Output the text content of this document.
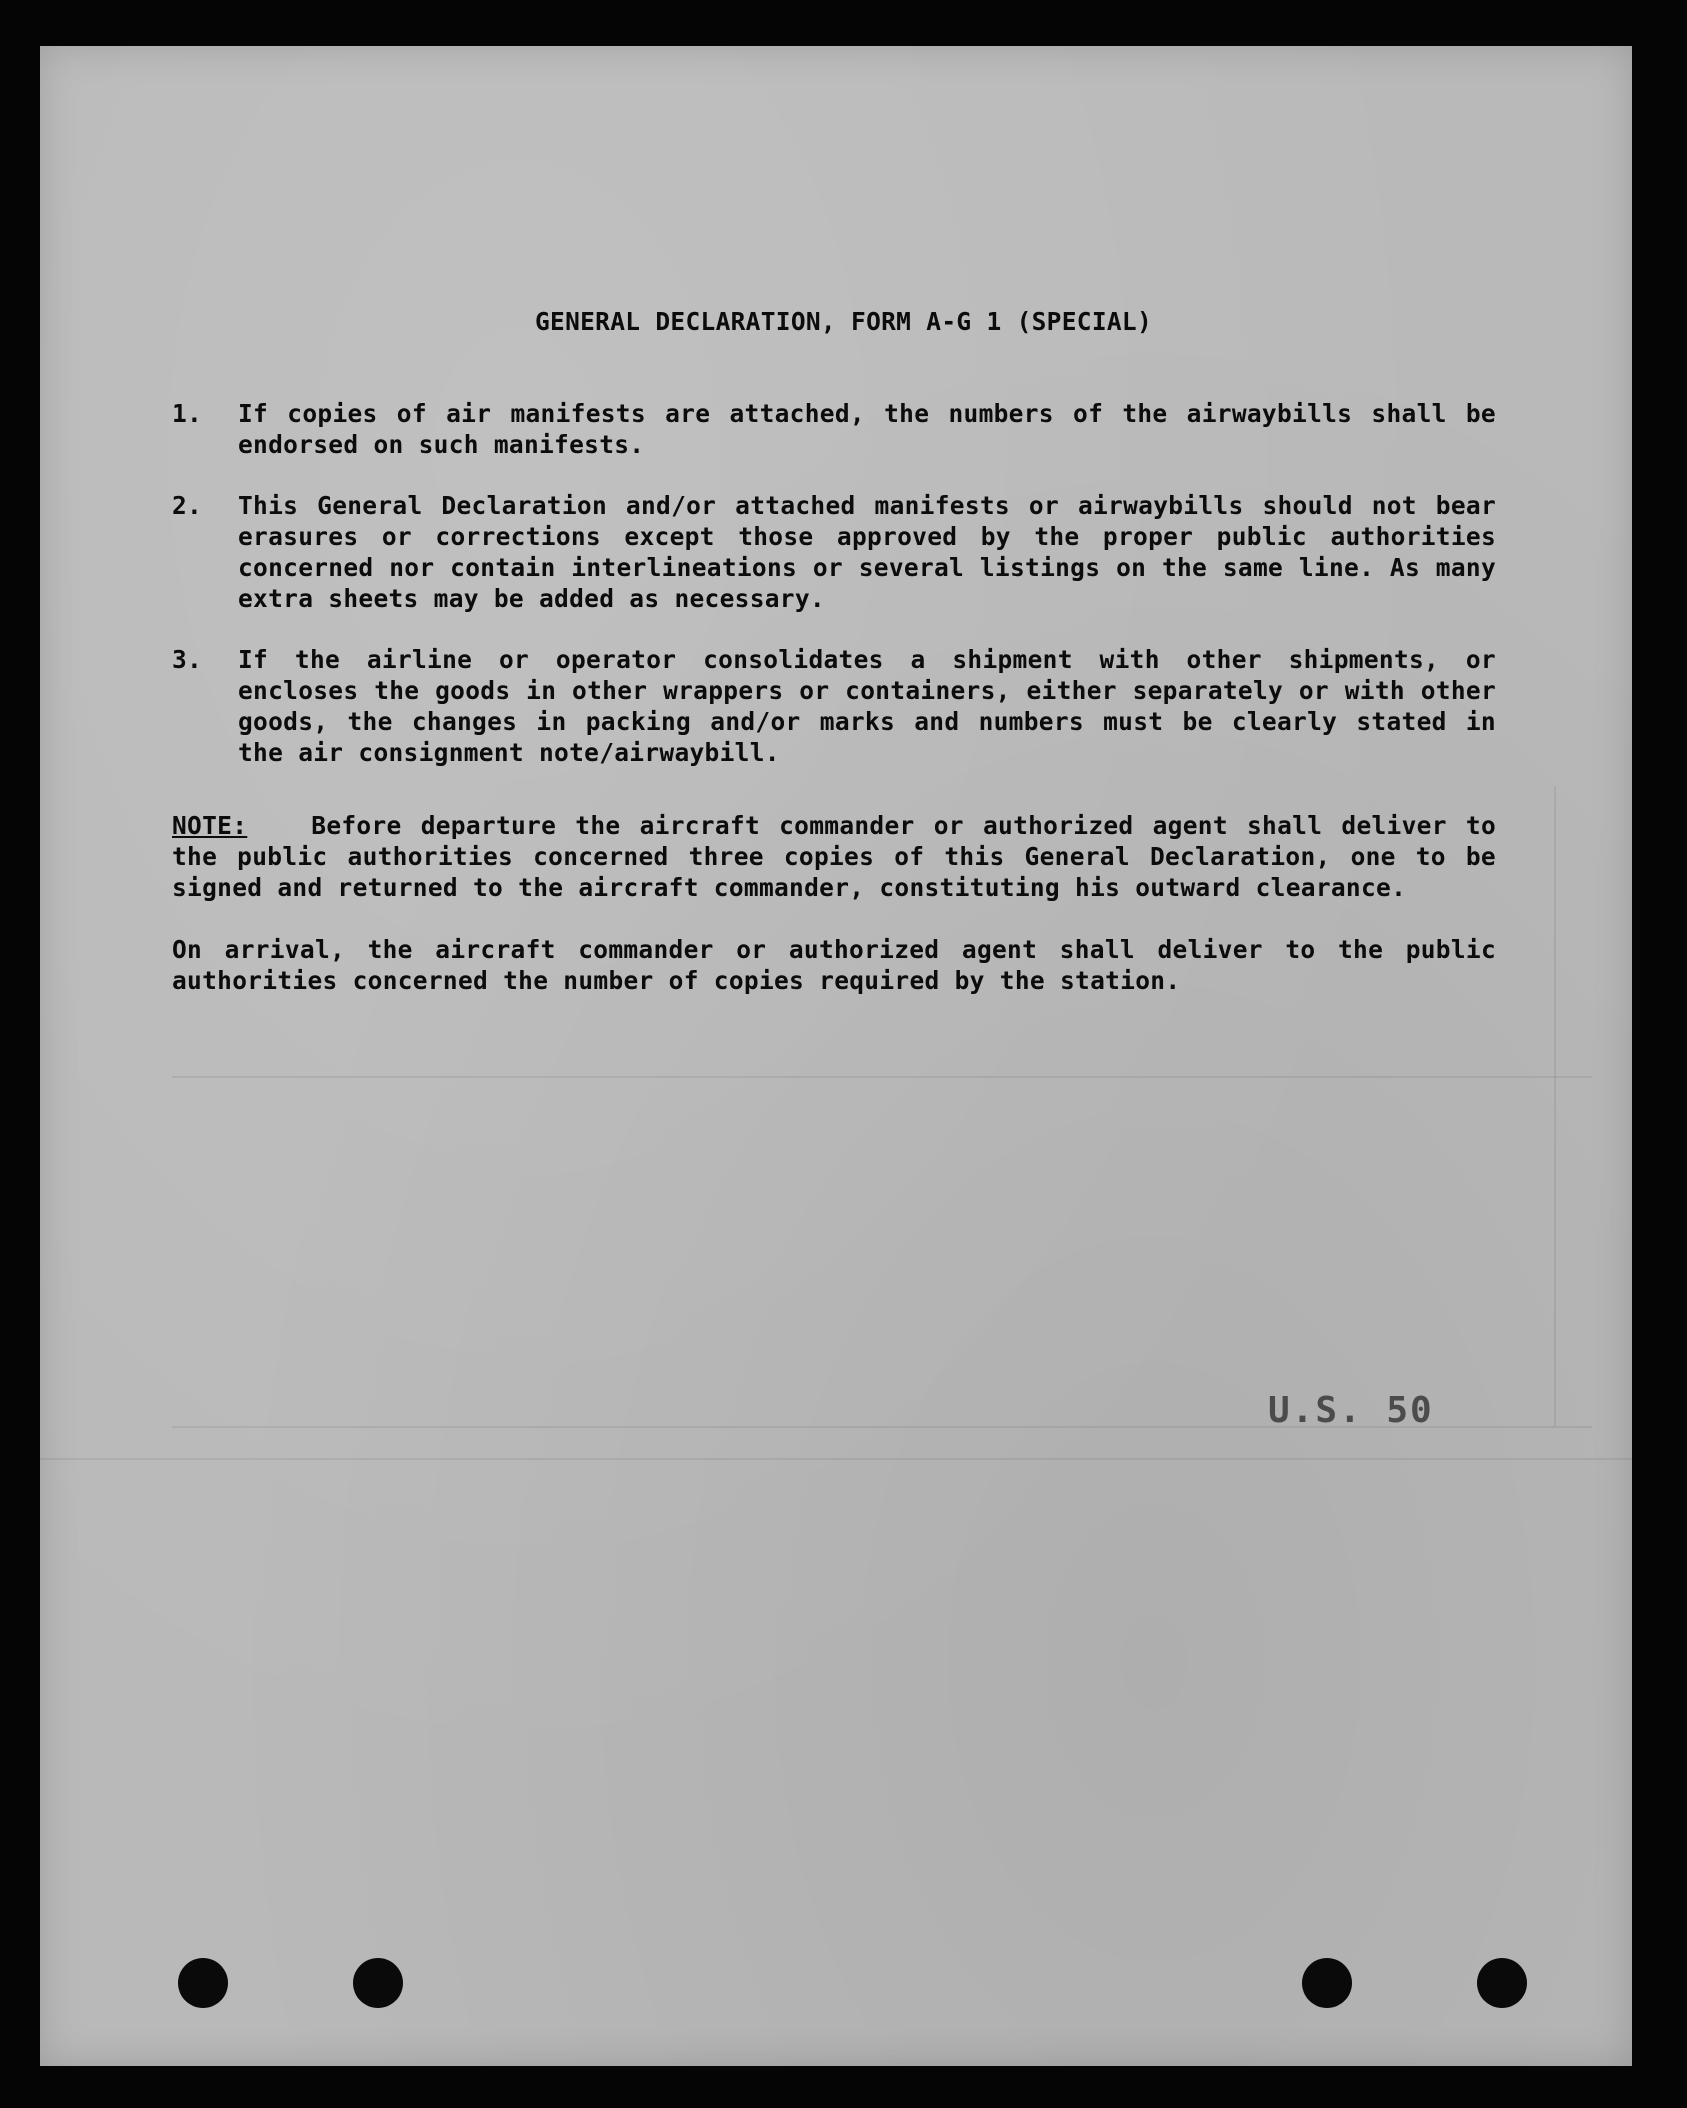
GENERAL DECLARATION, FORM A-G 1 (SPECIAL)
1.	If copies of air manifests are attached, the numbers of the airwaybills shall be endorsed on such manifests.
2.	This General Declaration and/or attached manifests or airwaybills should not bear erasures or corrections except those approved by the proper public authorities concerned nor contain interlineations or several listings on the same line. As many extra sheets may be added as necessary.
3.	If the airline or operator consolidates a shipment with other shipments, or encloses the goods in other wrappers or containers, either separately or with other goods, the changes in packing and/or marks and numbers must be clearly stated in the air consignment note/airwaybill.

NOTE:	Before departure the aircraft commander or authorized agent shall deliver to the public authorities concerned three copies of this General Declaration, one to be signed and returned to the aircraft commander, constituting his outward clearance.

On arrival, the aircraft commander or authorized agent shall deliver to the public authorities concerned the number of copies required by the station.

U.S. 50
